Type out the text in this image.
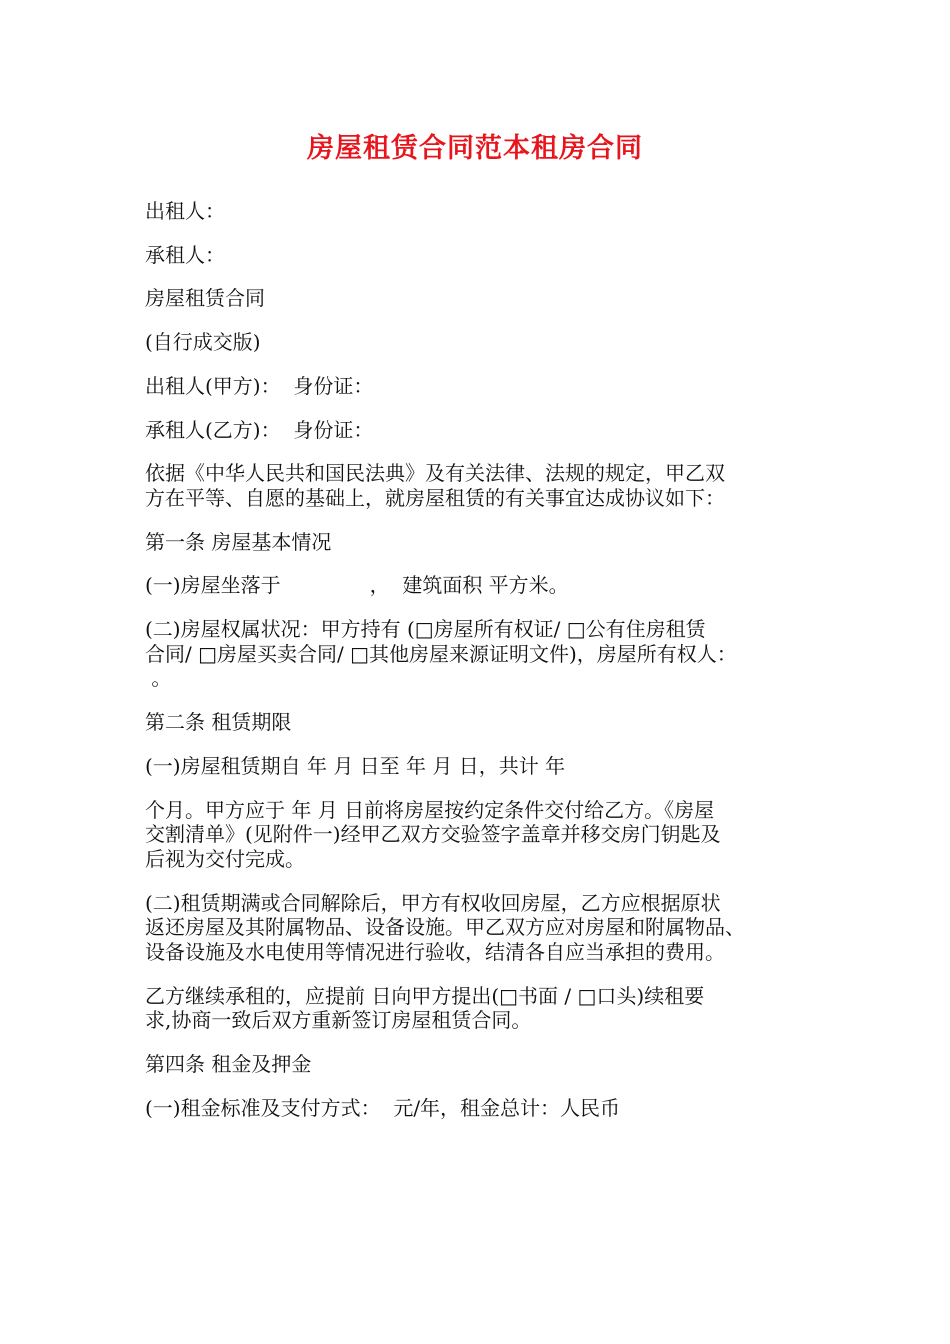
房屋租赁合同范本租房合同

出租人：

承租人：

房屋租赁合同

(自行成交版)

出租人(甲方)：  身份证：

承租人(乙方)：  身份证：

依据《中华人民共和国民法典》及有关法律、法规的规定，甲乙双
方在平等、自愿的基础上，就房屋租赁的有关事宜达成协议如下：

第一条 房屋基本情况

(一)房屋坐落于              ，  建筑面积 平方米。

(二)房屋权属状况：甲方持有 (□房屋所有权证/ □公有住房租赁
合同/ □房屋买卖合同/ □其他房屋来源证明文件)，房屋所有权人：
。

第二条 租赁期限

(一)房屋租赁期自 年 月 日至 年 月 日，共计 年

个月。甲方应于 年 月 日前将房屋按约定条件交付给乙方。《房屋
交割清单》(见附件一)经甲乙双方交验签字盖章并移交房门钥匙及
后视为交付完成。

(二)租赁期满或合同解除后，甲方有权收回房屋，乙方应根据原状
返还房屋及其附属物品、设备设施。甲乙双方应对房屋和附属物品、
设备设施及水电使用等情况进行验收，结清各自应当承担的费用。

乙方继续承租的，应提前 日向甲方提出(□书面 / □口头)续租要
求,协商一致后双方重新签订房屋租赁合同。

第四条 租金及押金

(一)租金标准及支付方式：  元/年，租金总计：人民币
